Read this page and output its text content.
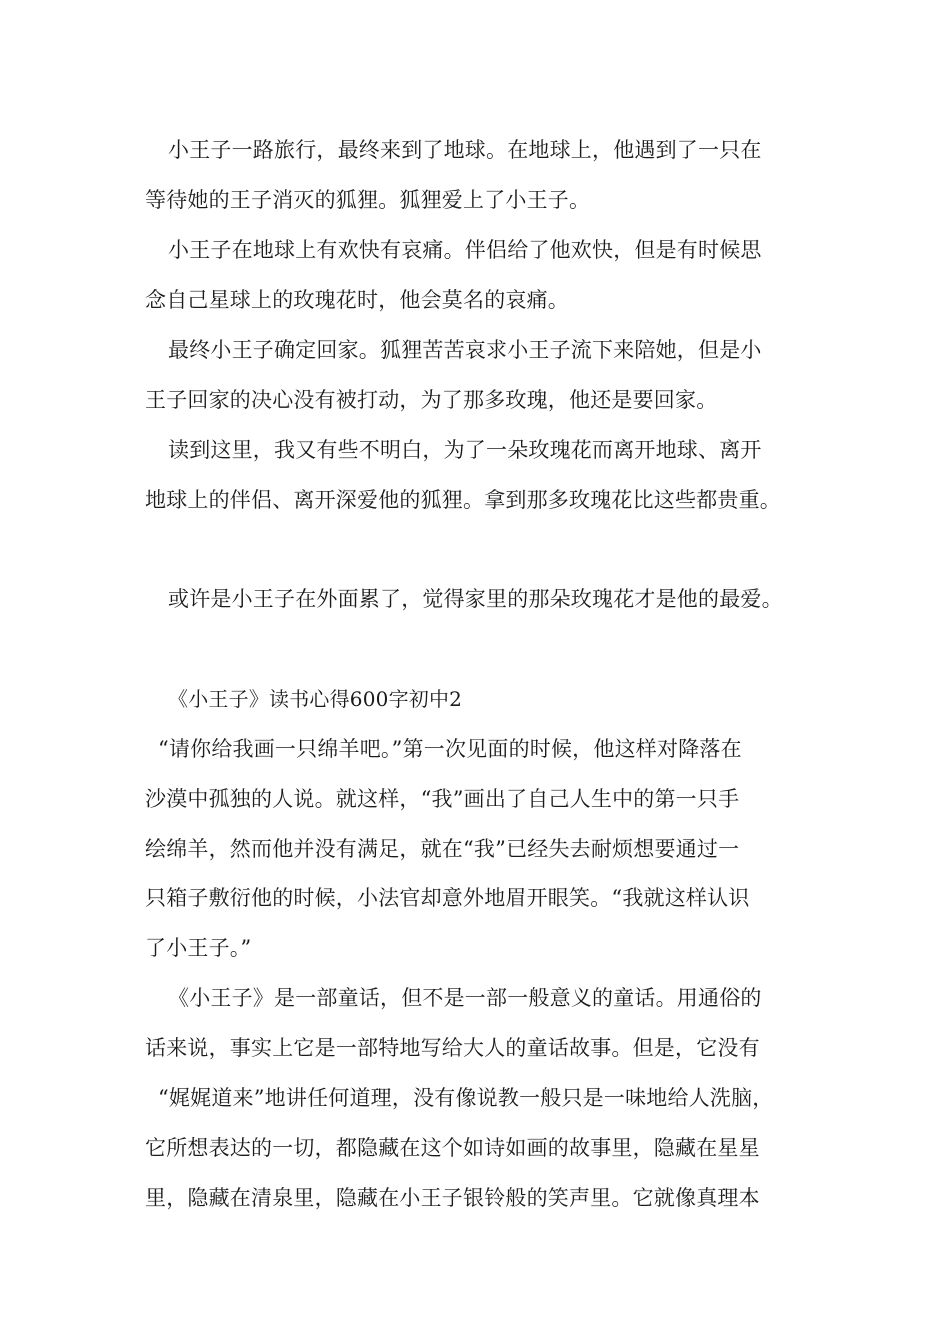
小王子一路旅行，最终来到了地球。在地球上，他遇到了一只在
等待她的王子消灭的狐狸。狐狸爱上了小王子。
小王子在地球上有欢快有哀痛。伴侣给了他欢快，但是有时候思
念自己星球上的玫瑰花时，他会莫名的哀痛。
最终小王子确定回家。狐狸苦苦哀求小王子流下来陪她，但是小
王子回家的决心没有被打动，为了那多玫瑰，他还是要回家。
读到这里，我又有些不明白，为了一朵玫瑰花而离开地球、离开
地球上的伴侣、离开深爱他的狐狸。拿到那多玫瑰花比这些都贵重。
或许是小王子在外面累了，觉得家里的那朵玫瑰花才是他的最爱。
《小王子》读书心得600字初中2
“请你给我画一只绵羊吧。”第一次见面的时候，他这样对降落在
沙漠中孤独的人说。就这样，“我”画出了自己人生中的第一只手
绘绵羊，然而他并没有满足，就在“我”已经失去耐烦想要通过一
只箱子敷衍他的时候，小法官却意外地眉开眼笑。“我就这样认识
了小王子。”
《小王子》是一部童话，但不是一部一般意义的童话。用通俗的
话来说，事实上它是一部特地写给大人的童话故事。但是，它没有
“娓娓道来”地讲任何道理，没有像说教一般只是一味地给人洗脑，
它所想表达的一切，都隐藏在这个如诗如画的故事里，隐藏在星星
里，隐藏在清泉里，隐藏在小王子银铃般的笑声里。它就像真理本
